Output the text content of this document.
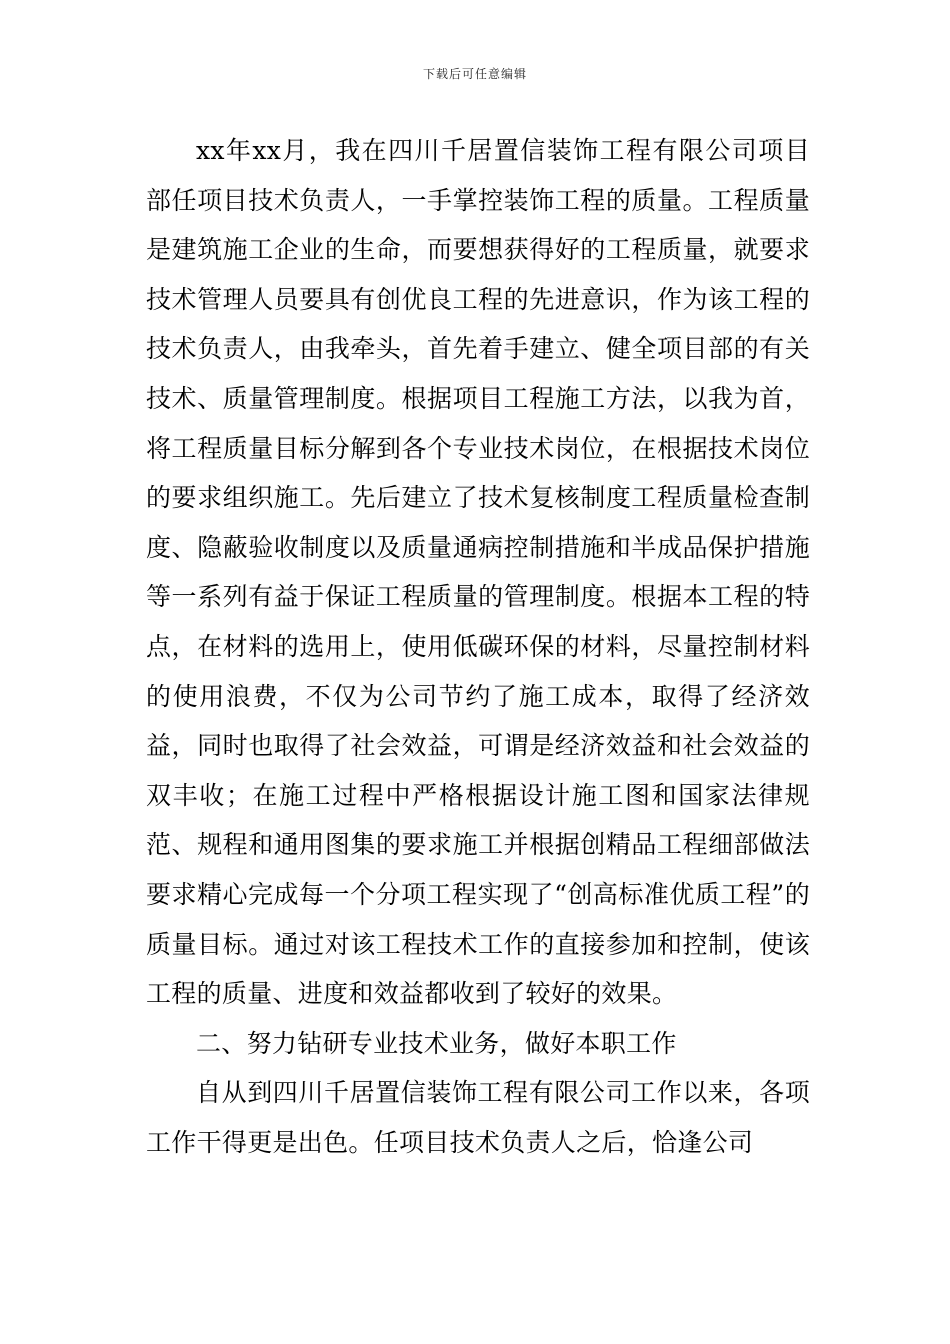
下载后可任意编辑

xx年xx月，我在四川千居置信装饰工程有限公司项目部任项目技术负责人，一手掌控装饰工程的质量。工程质量是建筑施工企业的生命，而要想获得好的工程质量，就要求技术管理人员要具有创优良工程的先进意识，作为该工程的技术负责人，由我牵头，首先着手建立、健全项目部的有关技术、质量管理制度。根据项目工程施工方法，以我为首，将工程质量目标分解到各个专业技术岗位，在根据技术岗位的要求组织施工。先后建立了技术复核制度工程质量检查制度、隐蔽验收制度以及质量通病控制措施和半成品保护措施等一系列有益于保证工程质量的管理制度。根据本工程的特点，在材料的选用上，使用低碳环保的材料，尽量控制材料的使用浪费，不仅为公司节约了施工成本，取得了经济效益，同时也取得了社会效益，可谓是经济效益和社会效益的双丰收；在施工过程中严格根据设计施工图和国家法律规范、规程和通用图集的要求施工并根据创精品工程细部做法要求精心完成每一个分项工程实现了“创高标准优质工程”的质量目标。通过对该工程技术工作的直接参加和控制，使该工程的质量、进度和效益都收到了较好的效果。

二、努力钻研专业技术业务，做好本职工作

自从到四川千居置信装饰工程有限公司工作以来，各项工作干得更是出色。任项目技术负责人之后，恰逢公司
